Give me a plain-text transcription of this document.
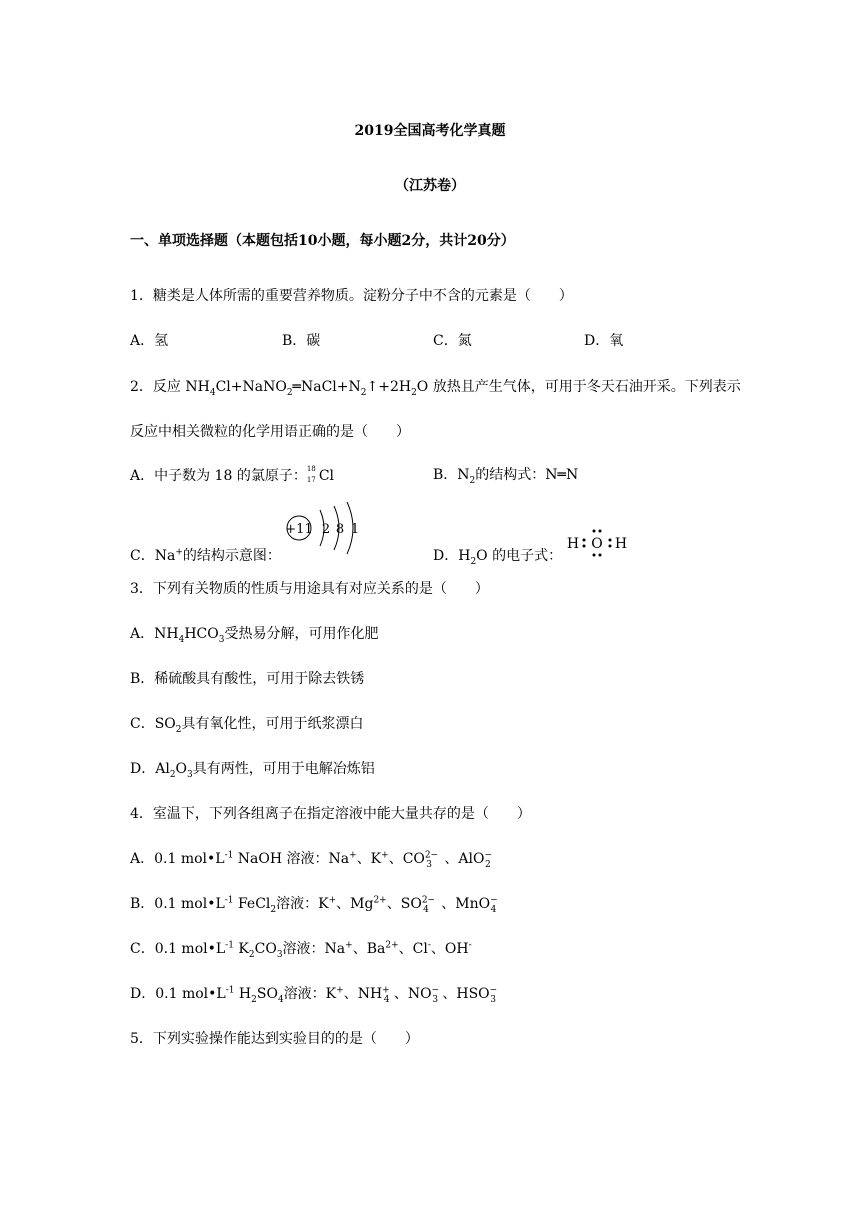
2019全国高考化学真题
（江苏卷）
一、单项选择题（本题包括10小题，每小题2分，共计20分）
1．糖类是人体所需的重要营养物质。淀粉分子中不含的元素是（　　）
A．氢	B．碳	C．氮	D．氧
2．反应 $NH_4Cl+NaNO_2═NaCl+N_2↑+2H_2O$ 放热且产生气体，可用于冬天石油开采。下列表示
反应中相关微粒的化学用语正确的是（　　）
A．中子数为 18 的氯原子： 18
17 Cl	B．$N_2$的结构式：N═N
C．Na+的结构示意图：
+11 2 8 1
D．$H_2O$ 的电子式：
H O H
3．下列有关物质的性质与用途具有对应关系的是（　　）
A．$NH_4HCO_3$受热易分解，可用作化肥
B．稀硫酸具有酸性，可用于除去铁锈
C．$SO_2$具有氧化性，可用于纸浆漂白
D．$Al_2O_3$具有两性，可用于电解冶炼铝
4．室温下，下列各组离子在指定溶液中能大量共存的是（　　）
A．0.1 $mol•L^{-1}$ NaOH 溶液：Na+、K+、$CO^{2-}_3$ 、AlO−$_2$
B．0.1 $mol•L^{-1}$ FeCl$_2$溶液：K+、$Mg^{2+}$、$SO^{2-}_4$ 、MnO−$_4$
C．0.1 $mol•L^{-1}$ $K_2CO_3$溶液：Na+、$Ba^{2+}$、Cl-、OH-
D．0.1 $mol•L^{-1}$ $H_2SO_4$溶液：K+、$NH^+_4$ 、$NO^-_3$ 、$HSO^-_3$
5．下列实验操作能达到实验目的的是（　　）
